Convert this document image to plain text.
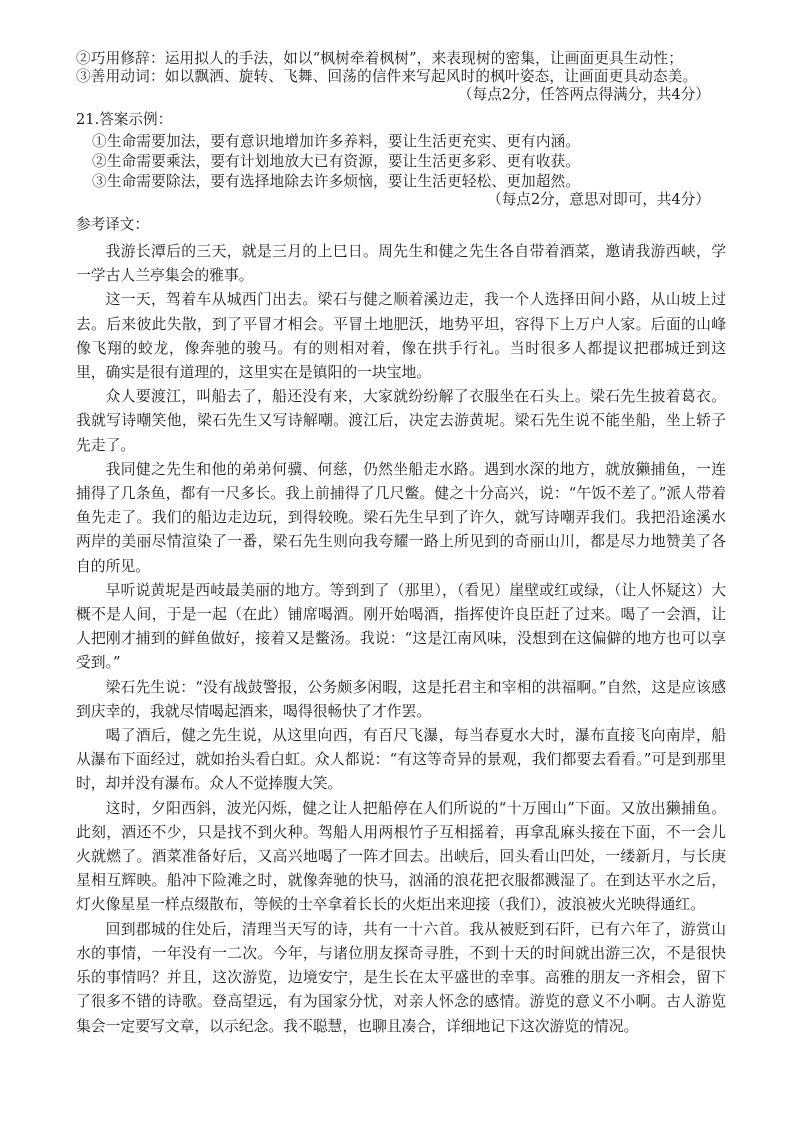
②巧用修辞：运用拟人的手法，如以“枫树牵着枫树”，来表现树的密集，让画面更具生动性；
③善用动词：如以飘洒、旋转、飞舞、回荡的信件来写起风时的枫叶姿态，让画面更具动态美。
（每点2分，任答两点得满分，共4分）
21.答案示例：
①生命需要加法，要有意识地增加许多养料，要让生活更充实、更有内涵。
②生命需要乘法，要有计划地放大已有资源，要让生活更多彩、更有收获。
③生命需要除法，要有选择地除去许多烦恼，要让生活更轻松、更加超然。
（每点2分，意思对即可，共4分）
参考译文：

我游长潭后的三天，就是三月的上巳日。周先生和健之先生各自带着酒菜，邀请我游西峡，学一学古人兰亭集会的雅事。

这一天，驾着车从城西门出去。梁石与健之顺着溪边走，我一个人选择田间小路，从山坡上过去。后来彼此失散，到了平冒才相会。平冒土地肥沃，地势平坦，容得下上万户人家。后面的山峰像飞翔的蛟龙，像奔驰的骏马。有的则相对着，像在拱手行礼。当时很多人都提议把郡城迁到这里，确实是很有道理的，这里实在是镇阳的一块宝地。

众人要渡江，叫船去了，船还没有来，大家就纷纷解了衣服坐在石头上。梁石先生披着葛衣。我就写诗嘲笑他，梁石先生又写诗解嘲。渡江后，决定去游黄坭。梁石先生说不能坐船，坐上轿子先走了。

我同健之先生和他的弟弟何骥、何慈，仍然坐船走水路。遇到水深的地方，就放獭捕鱼，一连捕得了几条鱼，都有一尺多长。我上前捕得了几尺鳖。健之十分高兴，说：“午饭不差了。”派人带着鱼先走了。我们的船边走边玩，到得较晚。梁石先生早到了许久，就写诗嘲弄我们。我把沿途溪水两岸的美丽尽情渲染了一番，梁石先生则向我夸耀一路上所见到的奇丽山川，都是尽力地赞美了各自的所见。

早听说黄坭是西岐最美丽的地方。等到到了（那里），（看见）崖壁或红或绿，（让人怀疑这）大概不是人间，于是一起（在此）铺席喝酒。刚开始喝酒，指挥使许良臣赶了过来。喝了一会酒，让人把刚才捕到的鲜鱼做好，接着又是鳖汤。我说：“这是江南风味，没想到在这偏僻的地方也可以享受到。”

梁石先生说：“没有战鼓警报，公务颇多闲暇，这是托君主和宰相的洪福啊。”自然，这是应该感到庆幸的，我就尽情喝起酒来，喝得很畅快了才作罢。

喝了酒后，健之先生说，从这里向西，有百尺飞瀑，每当春夏水大时，瀑布直接飞向南岸，船从瀑布下面经过，就如抬头看白虹。众人都说：“有这等奇异的景观，我们都要去看看。”可是到那里时，却并没有瀑布。众人不觉捧腹大笑。

这时，夕阳西斜，波光闪烁，健之让人把船停在人们所说的“十万囤山”下面。又放出獭捕鱼。此刻，酒还不少，只是找不到火种。驾船人用两根竹子互相摇着，再拿乱麻头接在下面，不一会儿火就燃了。酒菜准备好后，又高兴地喝了一阵才回去。出峡后，回头看山凹处，一缕新月，与长庚星相互辉映。船冲下险滩之时，就像奔驰的快马，汹涌的浪花把衣服都溅湿了。在到达平水之后，灯火像星星一样点缀散布，等候的士卒拿着长长的火炬出来迎接（我们），波浪被火光映得通红。

回到郡城的住处后，清理当天写的诗，共有一十六首。我从被贬到石阡，已有六年了，游赏山水的事情，一年没有一二次。今年，与诸位朋友探奇寻胜，不到十天的时间就出游三次，不是很快乐的事情吗？并且，这次游览，边境安宁，是生长在太平盛世的幸事。高雅的朋友一齐相会，留下了很多不错的诗歌。登高望远，有为国家分忧，对亲人怀念的感情。游览的意义不小啊。古人游览集会一定要写文章，以示纪念。我不聪慧，也聊且凑合，详细地记下这次游览的情况。
